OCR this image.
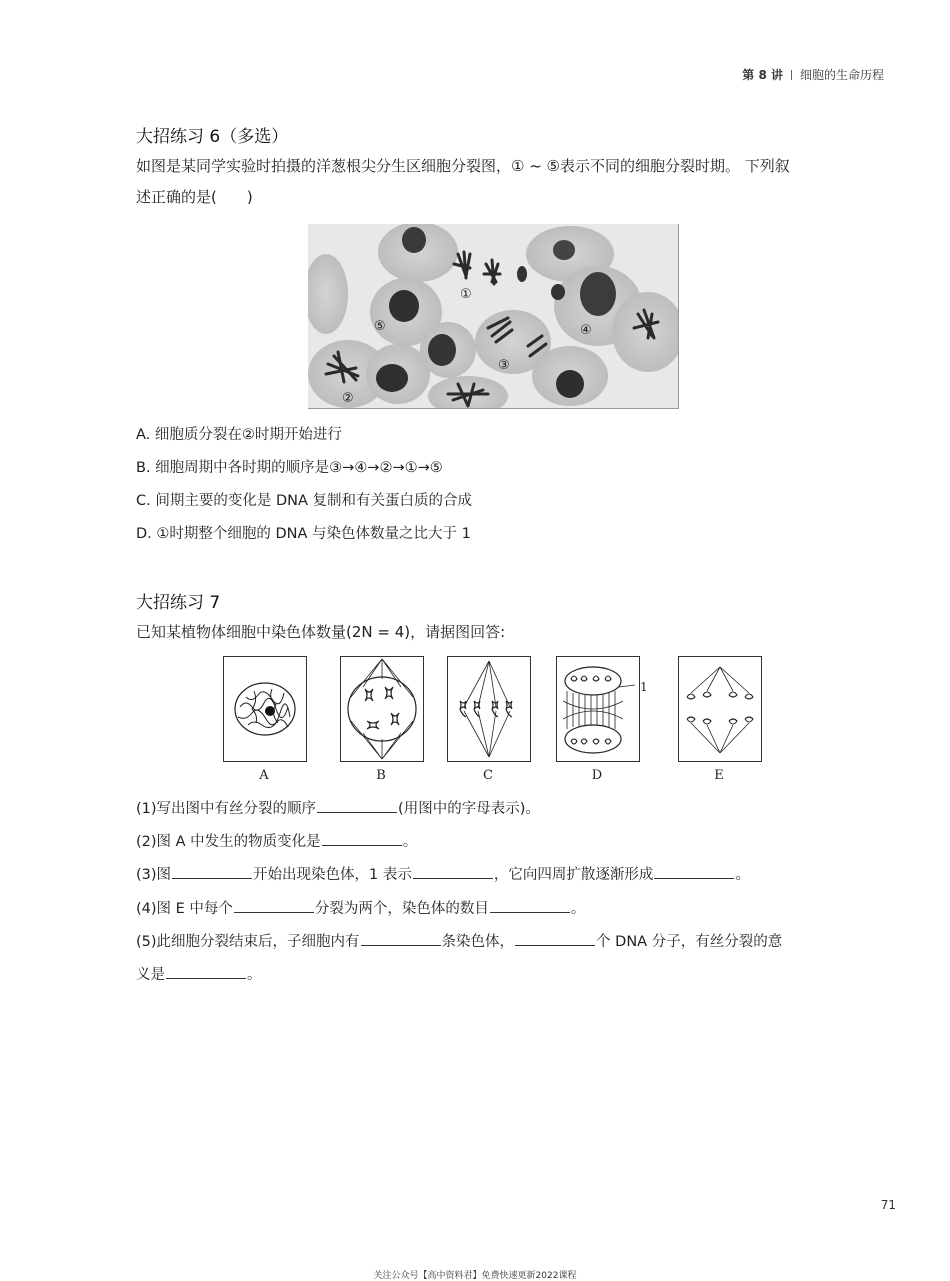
第 8 讲 细胞的生命历程
大招练习 6（多选）
如图是某同学实验时拍摄的洋葱根尖分生区细胞分裂图，① ~ ⑤表示不同的细胞分裂时期。 下列叙
述正确的是(　　)
①
②
③
④
⑤
A. 细胞质分裂在②时期开始进行
B. 细胞周期中各时期的顺序是③→④→②→①→⑤
C. 间期主要的变化是 DNA 复制和有关蛋白质的合成
D. ①时期整个细胞的 DNA 与染色体数量之比大于 1
大招练习 7
已知某植物体细胞中染色体数量(2N = 4)，请据图回答:
1
A	B	C	D	E
(1)写出图中有丝分裂的顺序	(用图中的字母表示)。
(2)图 A 中发生的物质变化是	。
(3)图	开始出现染色体，1 表示	，它向四周扩散逐渐形成	。
(4)图 E 中每个	分裂为两个，染色体的数目	。
(5)此细胞分裂结束后，子细胞内有	条染色体，	个 DNA 分子，有丝分裂的意
义是	。
71
关注公众号【高中资料君】免费快速更新2022课程
